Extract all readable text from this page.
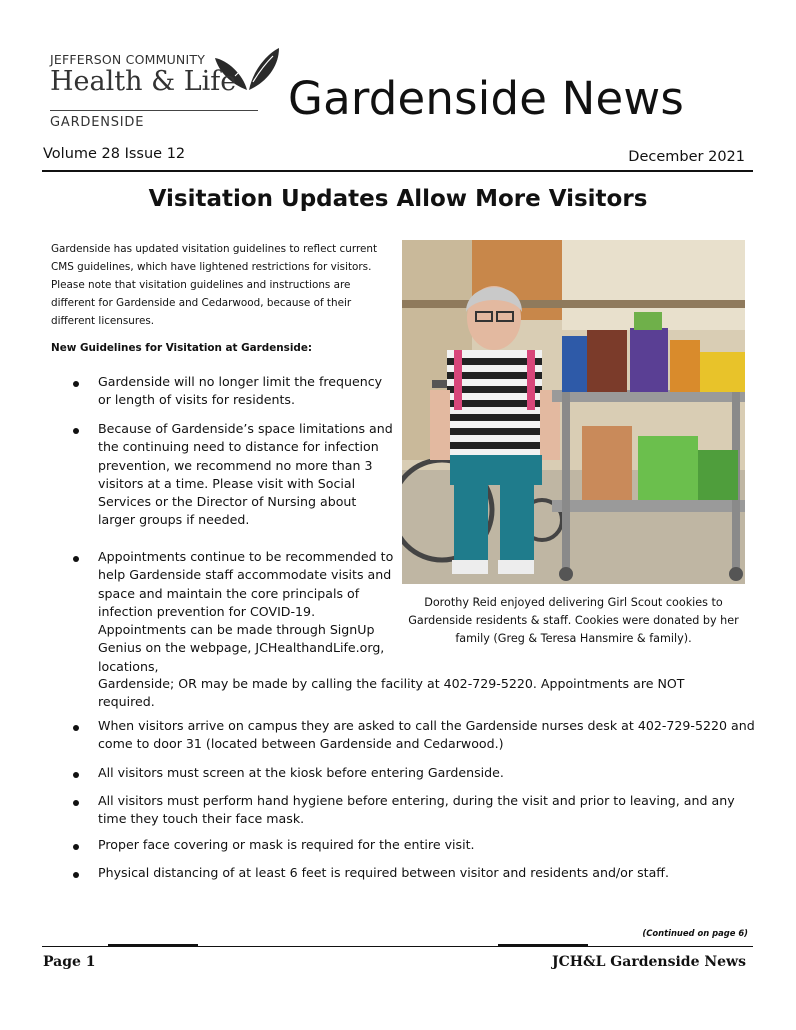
JEFFERSON COMMUNITY
Health & Life
GARDENSIDE	Gardenside News
Volume 28 Issue 12	December 2021
Visitation Updates Allow More Visitors

Gardenside has updated visitation guidelines to reflect current CMS guidelines, which have lightened restrictions for visitors. Please note that visitation guidelines and instructions are different for Gardenside and Cedarwood, because of their different licensures.

New Guidelines for Visitation at Gardenside:

Dorothy Reid enjoyed delivering Girl Scout cookies to Gardenside residents & staff. Cookies were donated by her family (Greg & Teresa Hansmire & family).

Gardenside will no longer limit the frequency or length of visits for residents.

Because of Gardenside’s space limitations and the continuing need to distance for infection prevention, we recommend no more than 3 visitors at a time. Please visit with Social Services or the Director of Nursing about larger groups if needed.

Appointments continue to be recommended to help Gardenside staff accommodate visits and space and maintain the core principals of infection prevention for COVID-19. Appointments can be made through SignUp Genius on the webpage, JCHealthandLife.org, locations,

Gardenside; OR may be made by calling the facility at 402-729-5220. Appointments are NOT required.

When visitors arrive on campus they are asked to call the Gardenside nurses desk at 402-729-5220 and come to door 31 (located between Gardenside and Cedarwood.)

All visitors must screen at the kiosk before entering Gardenside.

All visitors must perform hand hygiene before entering, during the visit and prior to leaving, and any time they touch their face mask.

Proper face covering or mask is required for the entire visit.

Physical distancing of at least 6 feet is required between visitor and residents and/or staff.

(Continued on page 6)
Page 1	JCH&L Gardenside News
